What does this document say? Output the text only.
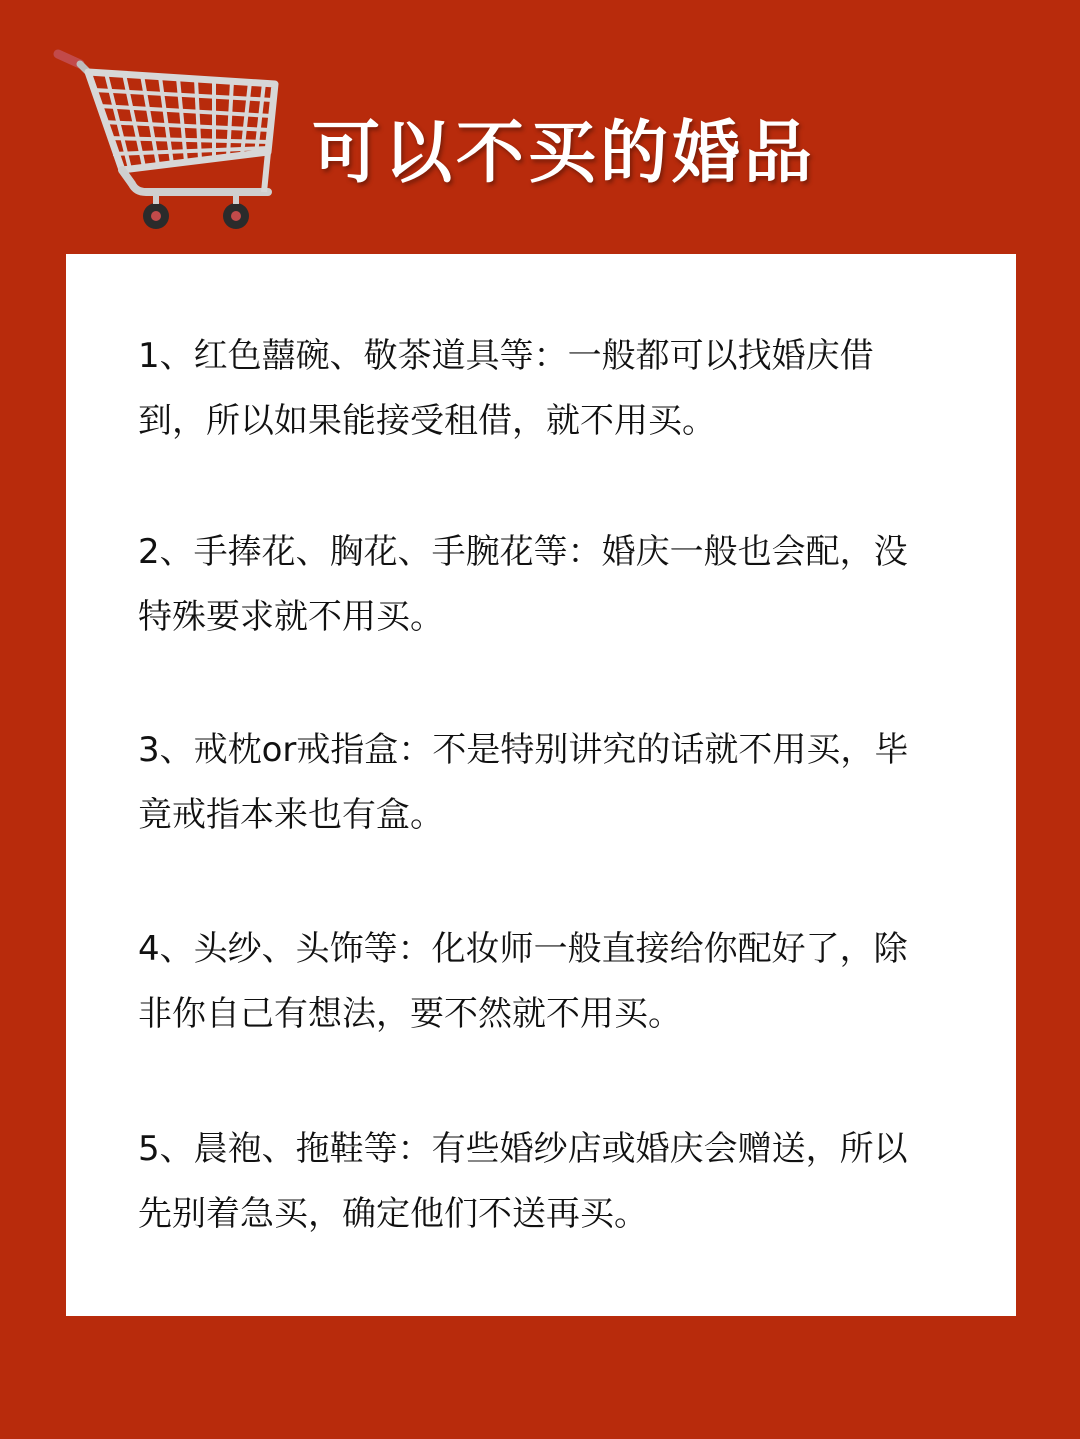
可以不买的婚品
1、红色囍碗、敬茶道具等：一般都可以找婚庆借到，所以如果能接受租借，就不用买。
2、手捧花、胸花、手腕花等：婚庆一般也会配，没特殊要求就不用买。
3、戒枕or戒指盒：不是特别讲究的话就不用买，毕竟戒指本来也有盒。
4、头纱、头饰等：化妆师一般直接给你配好了，除非你自己有想法，要不然就不用买。
5、晨袍、拖鞋等：有些婚纱店或婚庆会赠送，所以先别着急买，确定他们不送再买。
